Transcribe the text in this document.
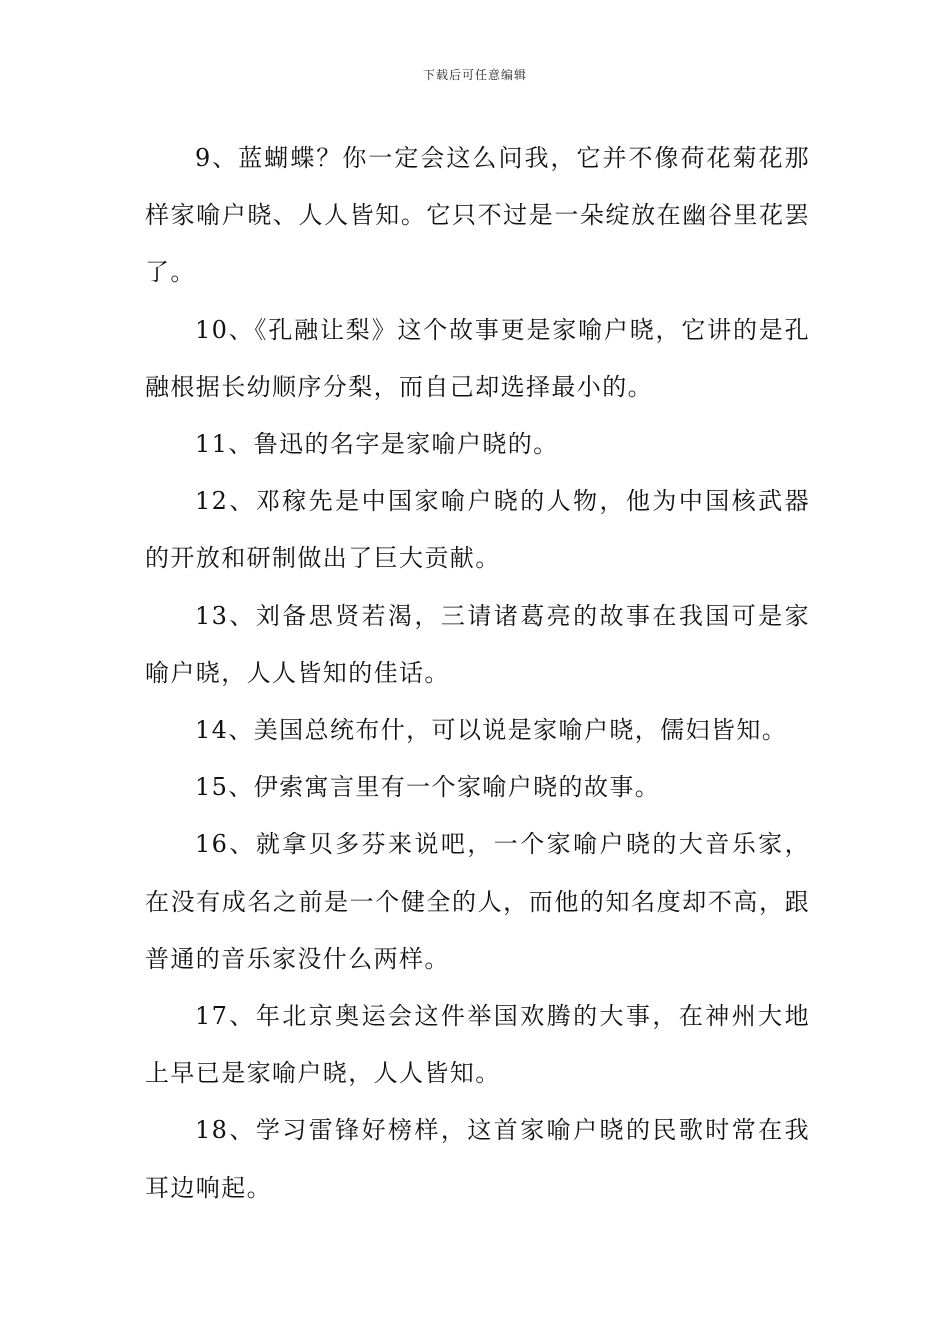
下载后可任意编辑

9、蓝蝴蝶？你一定会这么问我，它并不像荷花菊花那样家喻户晓、人人皆知。它只不过是一朵绽放在幽谷里花罢了。

10、《孔融让梨》这个故事更是家喻户晓，它讲的是孔融根据长幼顺序分梨，而自己却选择最小的。

11、鲁迅的名字是家喻户晓的。

12、邓稼先是中国家喻户晓的人物，他为中国核武器的开放和研制做出了巨大贡献。

13、刘备思贤若渴，三请诸葛亮的故事在我国可是家喻户晓，人人皆知的佳话。

14、美国总统布什，可以说是家喻户晓，儒妇皆知。

15、伊索寓言里有一个家喻户晓的故事。

16、就拿贝多芬来说吧，一个家喻户晓的大音乐家，在没有成名之前是一个健全的人，而他的知名度却不高，跟普通的音乐家没什么两样。

17、年北京奥运会这件举国欢腾的大事，在神州大地上早已是家喻户晓，人人皆知。

18、学习雷锋好榜样，这首家喻户晓的民歌时常在我耳边响起。
